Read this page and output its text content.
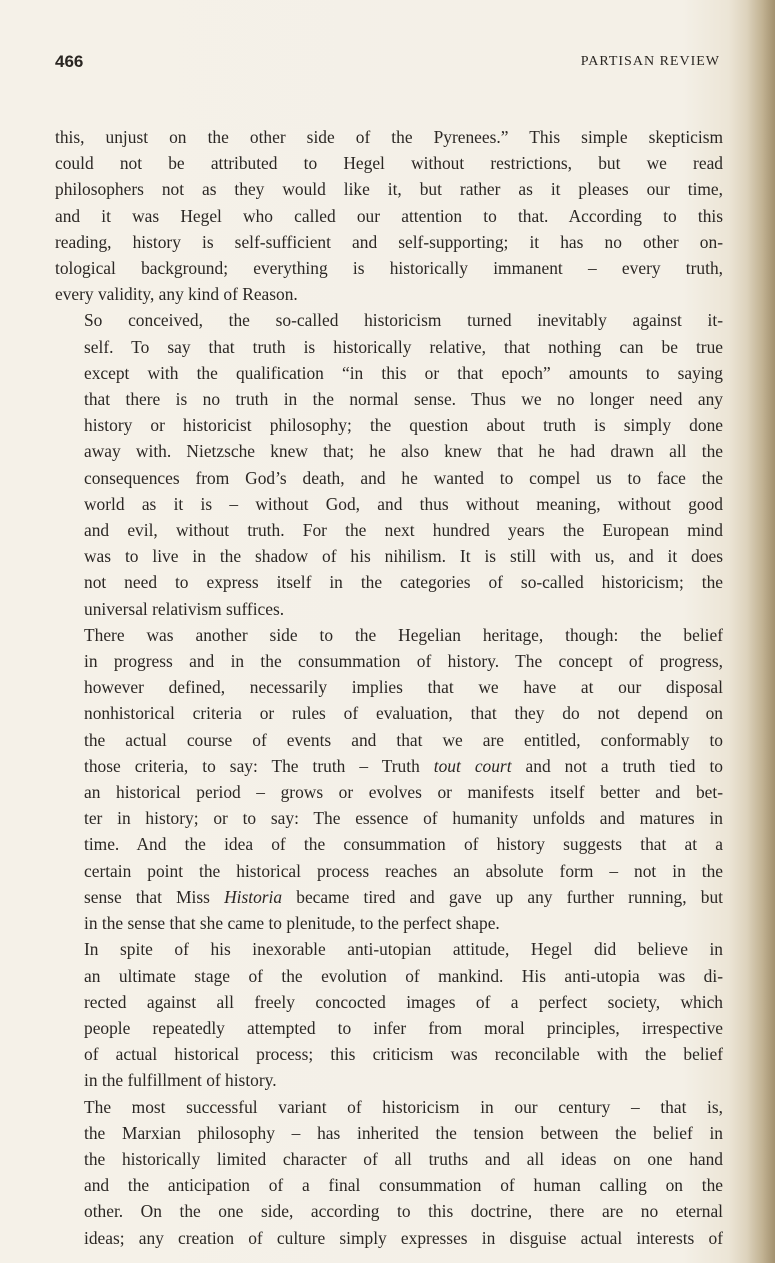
466	PARTISAN REVIEW

this, unjust on the other side of the Pyrenees.” This simple skepticism
could not be attributed to Hegel without restrictions, but we read
philosophers not as they would like it, but rather as it pleases our time,
and it was Hegel who called our attention to that. According to this
reading, history is self-sufficient and self-supporting; it has no other on-
tological background; everything is historically immanent – every truth,
every validity, any kind of Reason.

So conceived, the so-called historicism turned inevitably against it-
self. To say that truth is historically relative, that nothing can be true
except with the qualification “in this or that epoch” amounts to saying
that there is no truth in the normal sense. Thus we no longer need any
history or historicist philosophy; the question about truth is simply done
away with. Nietzsche knew that; he also knew that he had drawn all the
consequences from God’s death, and he wanted to compel us to face the
world as it is – without God, and thus without meaning, without good
and evil, without truth. For the next hundred years the European mind
was to live in the shadow of his nihilism. It is still with us, and it does
not need to express itself in the categories of so-called historicism; the
universal relativism suffices.

There was another side to the Hegelian heritage, though: the belief
in progress and in the consummation of history. The concept of progress,
however defined, necessarily implies that we have at our disposal
nonhistorical criteria or rules of evaluation, that they do not depend on
the actual course of events and that we are entitled, conformably to
those criteria, to say: The truth – Truth tout court and not a truth tied to
an historical period – grows or evolves or manifests itself better and bet-
ter in history; or to say: The essence of humanity unfolds and matures in
time. And the idea of the consummation of history suggests that at a
certain point the historical process reaches an absolute form – not in the
sense that Miss Historia became tired and gave up any further running, but
in the sense that she came to plenitude, to the perfect shape.

In spite of his inexorable anti-utopian attitude, Hegel did believe in
an ultimate stage of the evolution of mankind. His anti-utopia was di-
rected against all freely concocted images of a perfect society, which
people repeatedly attempted to infer from moral principles, irrespective
of actual historical process; this criticism was reconcilable with the belief
in the fulfillment of history.

The most successful variant of historicism in our century – that is,
the Marxian philosophy – has inherited the tension between the belief in
the historically limited character of all truths and all ideas on one hand
and the anticipation of a final consummation of human calling on the
other. On the one side, according to this doctrine, there are no eternal
ideas; any creation of culture simply expresses in disguise actual interests of
